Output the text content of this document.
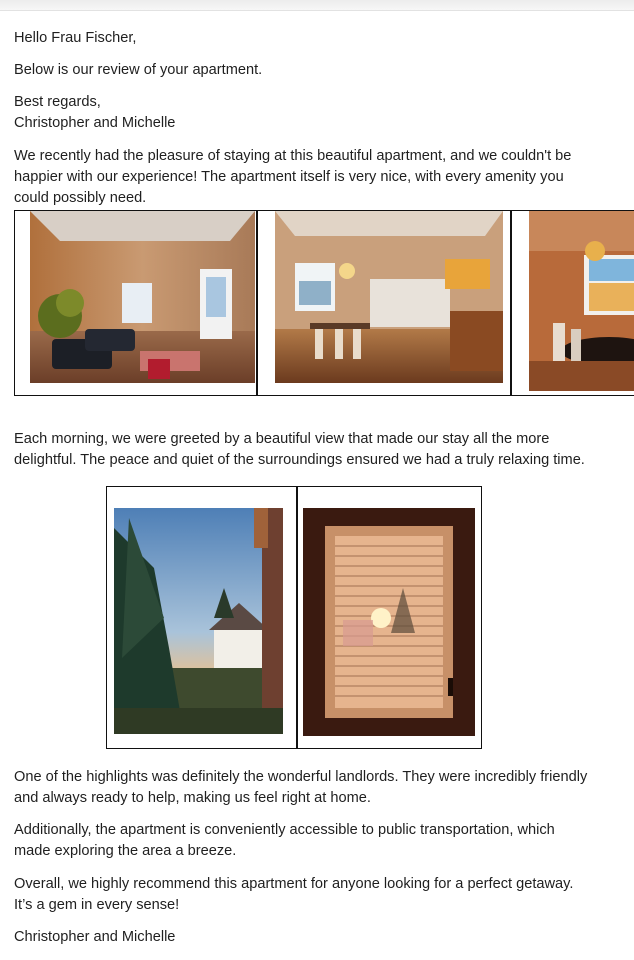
Hello Frau Fischer,

Below is our review of your apartment.

Best regards,

Christopher and Michelle

We recently had the pleasure of staying at this beautiful apartment, and we couldn't be happier with our experience! The apartment itself is very nice, with every amenity you could possibly need.

Each morning, we were greeted by a beautiful view that made our stay all the more delightful. The peace and quiet of the surroundings ensured we had a truly relaxing time.

One of the highlights was definitely the wonderful landlords. They were incredibly friendly and always ready to help, making us feel right at home.

Additionally, the apartment is conveniently accessible to public transportation, which made exploring the area a breeze.

Overall, we highly recommend this apartment for anyone looking for a perfect getaway. It’s a gem in every sense!

Christopher and Michelle
